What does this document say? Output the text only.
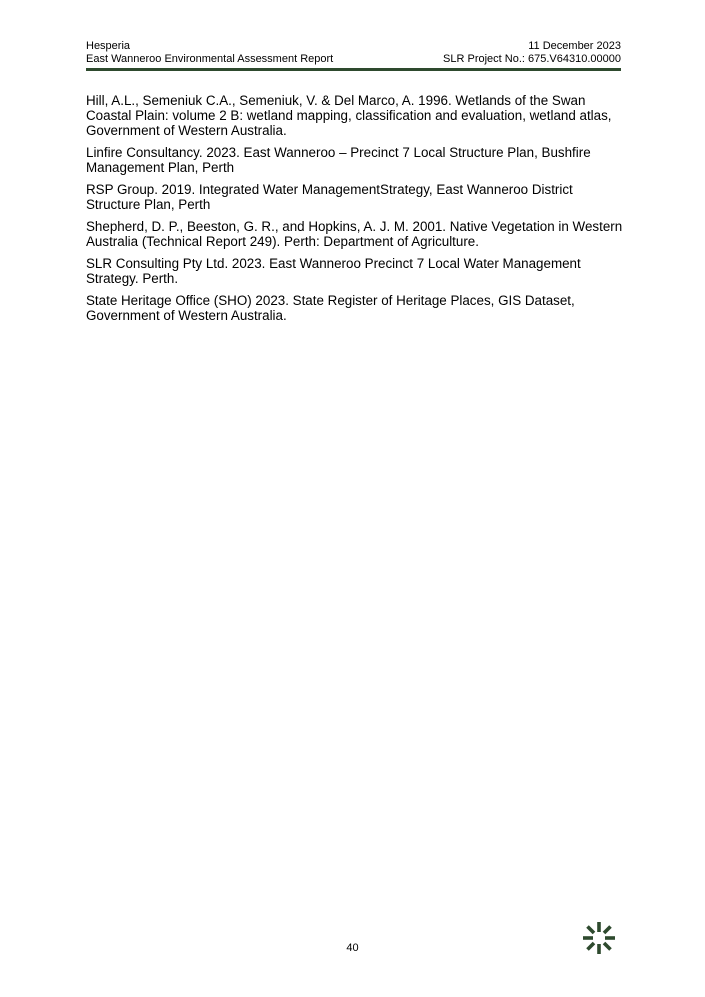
Hesperia	11 December 2023
East Wanneroo Environmental Assessment Report	SLR Project No.: 675.V64310.00000

Hill, A.L., Semeniuk C.A., Semeniuk, V. & Del Marco, A. 1996. Wetlands of the Swan Coastal Plain: volume 2 B: wetland mapping, classification and evaluation, wetland atlas, Government of Western Australia.

Linfire Consultancy. 2023. East Wanneroo – Precinct 7 Local Structure Plan, Bushfire Management Plan, Perth

RSP Group. 2019. Integrated Water ManagementStrategy, East Wanneroo District Structure Plan, Perth

Shepherd, D. P., Beeston, G. R., and Hopkins, A. J. M. 2001. Native Vegetation in Western Australia (Technical Report 249). Perth: Department of Agriculture.

SLR Consulting Pty Ltd. 2023. East Wanneroo Precinct 7 Local Water Management Strategy. Perth.

State Heritage Office (SHO) 2023. State Register of Heritage Places, GIS Dataset, Government of Western Australia.

40
